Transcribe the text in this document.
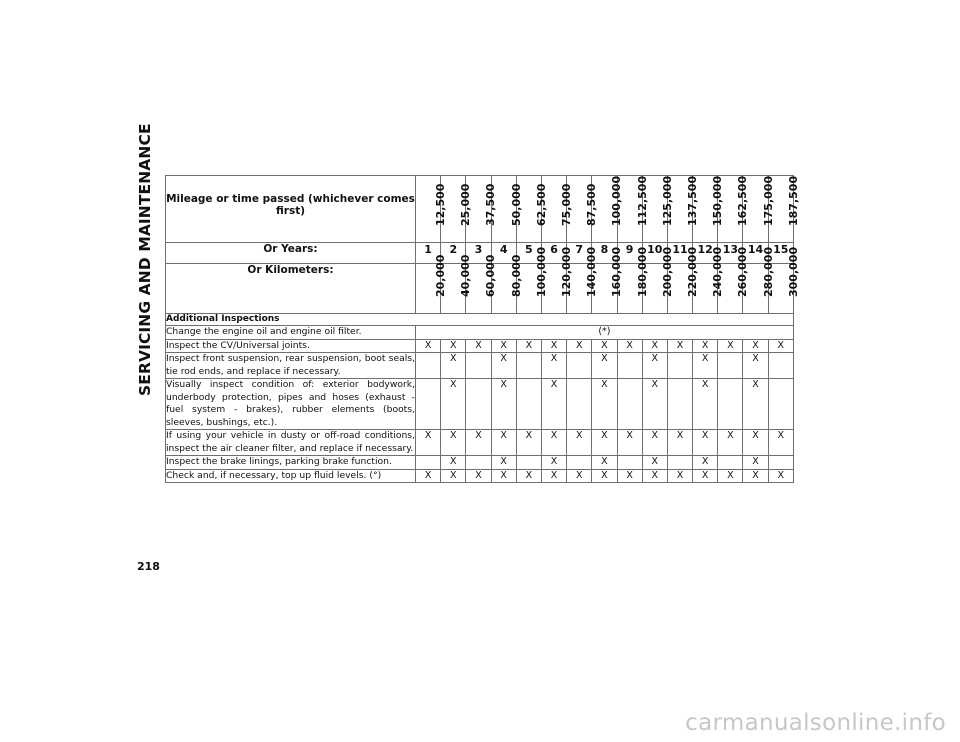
SERVICING AND MAINTENANCE Mileage or time passed (whichever comes first)	12,500	25,000	37,500	50,000	62,500	75,000	87,500	100,000	112,500	125,000	137,500	150,000	162,500	175,000	187,500

Or Years:	1	2	3	4	5	6	7	8	9	10	11	12	13	14	15
Or Kilometers:	20,000	40,000	60,000	80,000	100,000	120,000	140,000	160,000	180,000	200,000	220,000	240,000	260,000	280,000	300,000

Additional Inspections															
Change the engine oil and engine oil filter.	(*)														
Inspect the CV/Universal joints.	X	X	X	X	X	X	X	X	X	X	X	X	X	X	X
Inspect front suspension, rear suspension, boot seals, tie rod ends, and replace if necessary.		X		X		X		X		X		X		X	
Visually inspect condition of: exterior bodywork, underbody protection, pipes and hoses (exhaust - fuel system - brakes), rubber elements (boots, sleeves, bushings, etc.).		X		X		X		X		X		X		X	
If using your vehicle in dusty or off-road conditions, inspect the air cleaner filter, and replace if necessary.	X	X	X	X	X	X	X	X	X	X	X	X	X	X	X
Inspect the brake linings, parking brake function.		X		X		X		X		X		X		X	
Check and, if necessary, top up fluid levels. (°)	X	X	X	X	X	X	X	X	X	X	X	X	X	X	X
218
carmanualsonline.info
